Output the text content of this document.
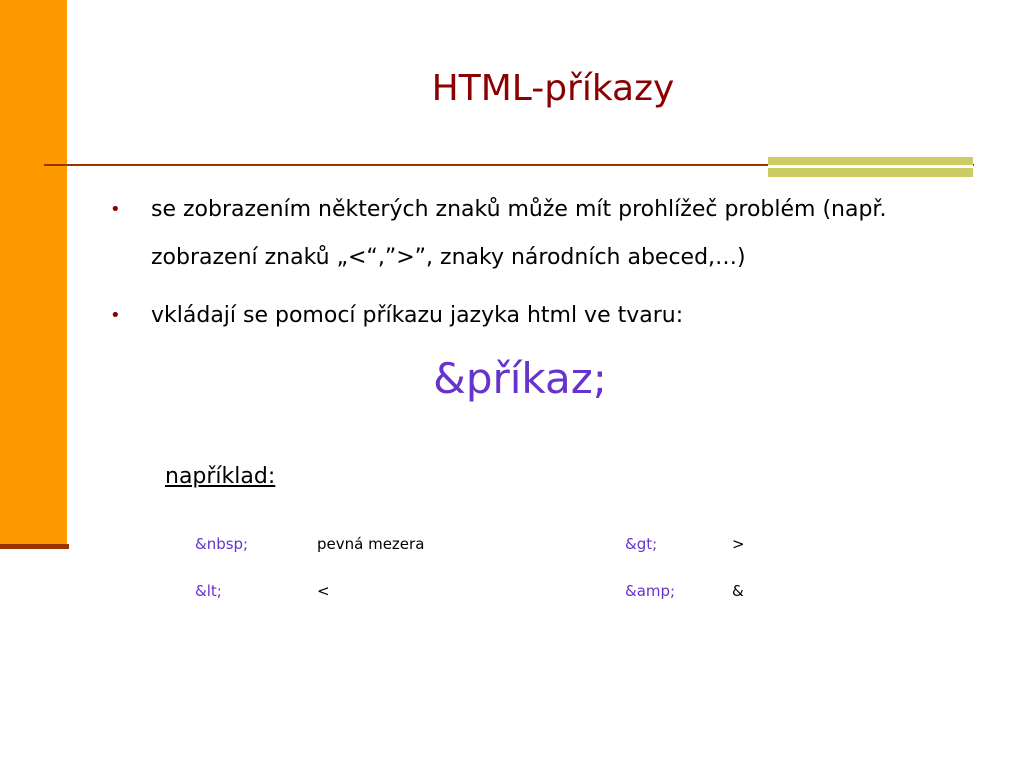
HTML-příkazy
•	se zobrazením některých znaků může mít prohlížeč problém (např. zobrazení znaků „<“,”>”, znaky národních abeced,…)
•	vkládají se pomocí příkazu jazyka html ve tvaru:
&příkaz;
například:
&nbsp;	pevná mezera	&gt;	>
&lt;	<	&amp;	&
